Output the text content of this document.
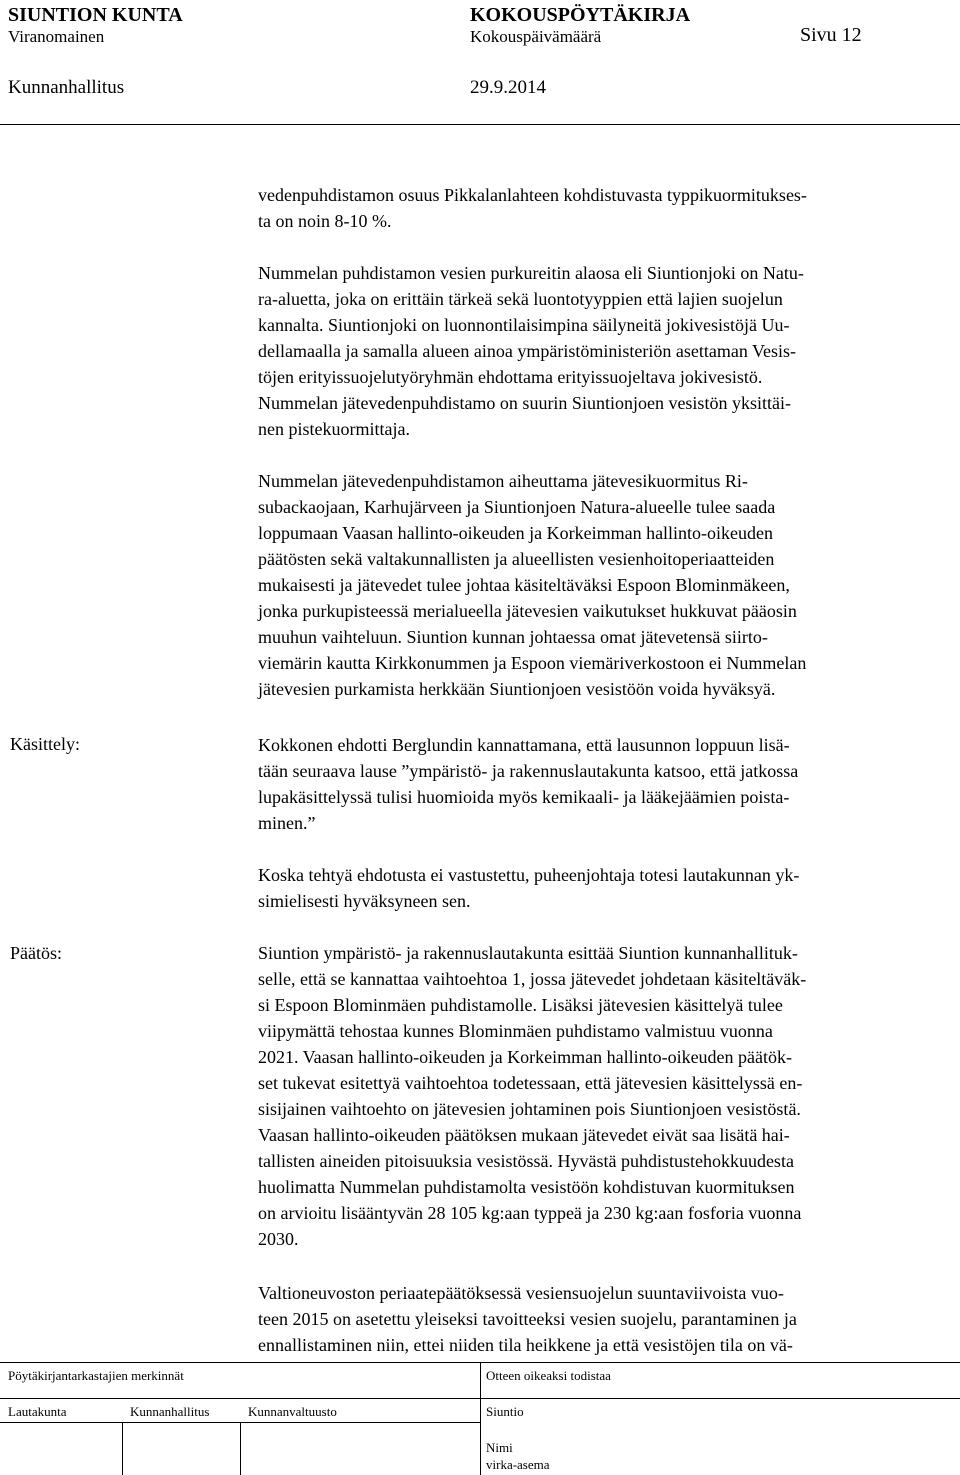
SIUNTION KUNTA	KOKOUSPÖYTÄKIRJA
Viranomainen	Kokouspäivämäärä	Sivu 12
Kunnanhallitus	29.9.2014
vedenpuhdistamon osuus Pikkalanlahteen kohdistuvasta typpikuormitukses-
ta on noin 8-10 %.
Nummelan puhdistamon vesien purkureitin alaosa eli Siuntionjoki on Natu-
ra-aluetta, joka on erittäin tärkeä sekä luontotyyppien että lajien suojelun
kannalta. Siuntionjoki on luonnontilaisimpina säilyneitä jokivesistöjä Uu-
dellamaalla ja samalla alueen ainoa ympäristöministeriön asettaman Vesis-
töjen erityissuojelutyöryhmän ehdottama erityissuojeltava jokivesistö.
Nummelan jätevedenpuhdistamo on suurin Siuntionjoen vesistön yksittäi-
nen pistekuormittaja.
Nummelan jätevedenpuhdistamon aiheuttama jätevesikuormitus Ri-
subackaojaan, Karhujärveen ja Siuntionjoen Natura-alueelle tulee saada
loppumaan Vaasan hallinto-oikeuden ja Korkeimman hallinto-oikeuden
päätösten sekä valtakunnallisten ja alueellisten vesienhoitoperiaatteiden
mukaisesti ja jätevedet tulee johtaa käsiteltäväksi Espoon Blominmäkeen,
jonka purkupisteessä merialueella jätevesien vaikutukset hukkuvat pääosin
muuhun vaihteluun. Siuntion kunnan johtaessa omat jätevetensä siirto-
viemärin kautta Kirkkonummen ja Espoon viemäriverkostoon ei Nummelan
jätevesien purkamista herkkään Siuntionjoen vesistöön voida hyväksyä.
Käsittely:	Kokkonen ehdotti Berglundin kannattamana, että lausunnon loppuun lisä-
tään seuraava lause ”ympäristö- ja rakennuslautakunta katsoo, että jatkossa
lupakäsittelyssä tulisi huomioida myös kemikaali- ja lääkejäämien poista-
minen.”
Koska tehtyä ehdotusta ei vastustettu, puheenjohtaja totesi lautakunnan yk-
simielisesti hyväksyneen sen.
Päätös:	Siuntion ympäristö- ja rakennuslautakunta esittää Siuntion kunnanhallituk-
selle, että se kannattaa vaihtoehtoa 1, jossa jätevedet johdetaan käsiteltäväk-
si Espoon Blominmäen puhdistamolle. Lisäksi jätevesien käsittelyä tulee
viipymättä tehostaa kunnes Blominmäen puhdistamo valmistuu vuonna
2021. Vaasan hallinto-oikeuden ja Korkeimman hallinto-oikeuden päätök-
set tukevat esitettyä vaihtoehtoa todetessaan, että jätevesien käsittelyssä en-
sisijainen vaihtoehto on jätevesien johtaminen pois Siuntionjoen vesistöstä.
Vaasan hallinto-oikeuden päätöksen mukaan jätevedet eivät saa lisätä hai-
tallisten aineiden pitoisuuksia vesistössä. Hyvästä puhdistustehokkuudesta
huolimatta Nummelan puhdistamolta vesistöön kohdistuvan kuormituksen
on arvioitu lisääntyvän 28 105 kg:aan typpeä ja 230 kg:aan fosforia vuonna
2030.
Valtioneuvoston periaatepäätöksessä vesiensuojelun suuntaviivoista vuo-
teen 2015 on asetettu yleiseksi tavoitteeksi vesien suojelu, parantaminen ja
ennallistaminen niin, ettei niiden tila heikkene ja että vesistöjen tila on vä-
Pöytäkirjantarkastajien merkinnät	Otteen oikeaksi todistaa
Lautakunta	Kunnanhallitus	Kunnanvaltuusto	Siuntio
Nimi
virka-asema
